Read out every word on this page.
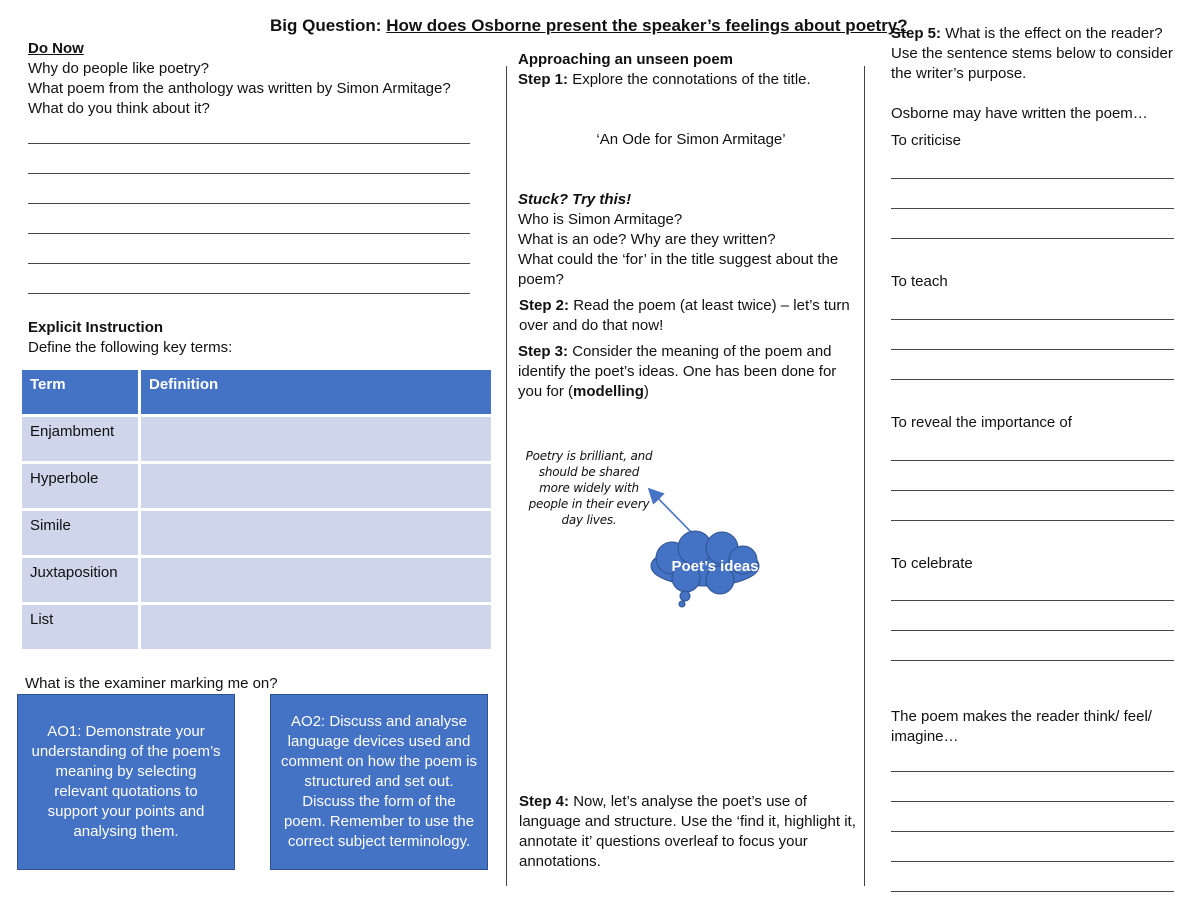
Big Question: How does Osborne present the speaker’s feelings about poetry?
Do Now
Why do people like poetry?
What poem from the anthology was written by Simon Armitage?
What do you think about it?
Explicit Instruction
Define the following key terms:
Term	Definition
Enjambment
Hyperbole
Simile
Juxtaposition
List
What is the examiner marking me on?
AO1: Demonstrate your understanding of the poem’s meaning by selecting relevant quotations to support your points and analysing them.
AO2: Discuss and analyse language devices used and comment on how the poem is structured and set out. Discuss the form of the poem. Remember to use the correct subject terminology.
Approaching an unseen poem
Step 1: Explore the connotations of the title.
‘An Ode for Simon Armitage’
Stuck? Try this!
Who is Simon Armitage?
What is an ode? Why are they written?
What could the ‘for’ in the title suggest about the poem?
Step 2: Read the poem (at least twice) – let’s turn over and do that now!
Step 3: Consider the meaning of the poem and identify the poet’s ideas. One has been done for you for (modelling)
Poetry is brilliant, and should be shared more widely with people in their every day lives.
Poet’s ideas
Step 4: Now, let’s analyse the poet’s use of language and structure. Use the ‘find it, highlight it, annotate it’ questions overleaf to focus your annotations.
Step 5: What is the effect on the reader? Use the sentence stems below to consider the writer’s purpose.
Osborne may have written the poem…
To criticise
To teach
To reveal the importance of
To celebrate
The poem makes the reader think/ feel/ imagine…
